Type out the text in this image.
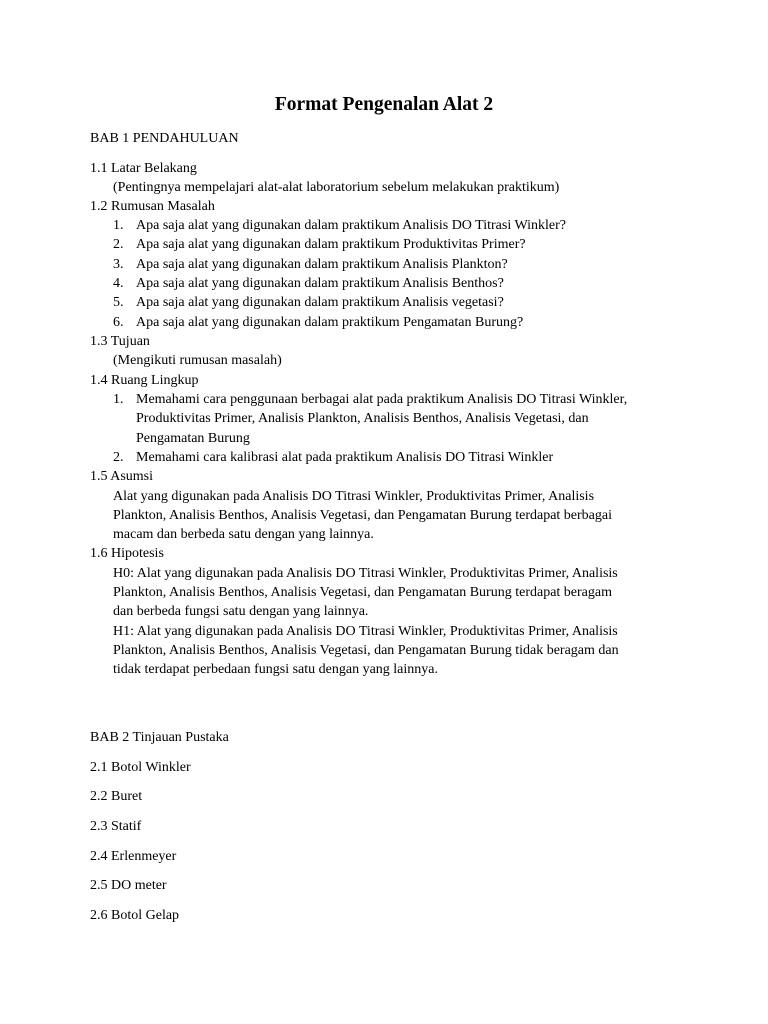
Format Pengenalan Alat 2
BAB 1 PENDAHULUAN
1.1 Latar Belakang
(Pentingnya mempelajari alat-alat laboratorium sebelum melakukan praktikum)
1.2 Rumusan Masalah
1. Apa saja alat yang digunakan dalam praktikum Analisis DO Titrasi Winkler?
2. Apa saja alat yang digunakan dalam praktikum Produktivitas Primer?
3. Apa saja alat yang digunakan dalam praktikum Analisis Plankton?
4. Apa saja alat yang digunakan dalam praktikum Analisis Benthos?
5. Apa saja alat yang digunakan dalam praktikum Analisis vegetasi?
6. Apa saja alat yang digunakan dalam praktikum Pengamatan Burung?
1.3 Tujuan
(Mengikuti rumusan masalah)
1.4 Ruang Lingkup
1. Memahami cara penggunaan berbagai alat pada praktikum Analisis DO Titrasi Winkler,
Produktivitas Primer, Analisis Plankton, Analisis Benthos, Analisis Vegetasi, dan
Pengamatan Burung
2. Memahami cara kalibrasi alat pada praktikum Analisis DO Titrasi Winkler
1.5 Asumsi
Alat yang digunakan pada Analisis DO Titrasi Winkler, Produktivitas Primer, Analisis
Plankton, Analisis Benthos, Analisis Vegetasi, dan Pengamatan Burung terdapat berbagai
macam dan berbeda satu dengan yang lainnya.
1.6 Hipotesis
H0: Alat yang digunakan pada Analisis DO Titrasi Winkler, Produktivitas Primer, Analisis
Plankton, Analisis Benthos, Analisis Vegetasi, dan Pengamatan Burung terdapat beragam
dan berbeda fungsi satu dengan yang lainnya.
H1: Alat yang digunakan pada Analisis DO Titrasi Winkler, Produktivitas Primer, Analisis
Plankton, Analisis Benthos, Analisis Vegetasi, dan Pengamatan Burung tidak beragam dan
tidak terdapat perbedaan fungsi satu dengan yang lainnya.
BAB 2 Tinjauan Pustaka
2.1 Botol Winkler
2.2 Buret
2.3 Statif
2.4 Erlenmeyer
2.5 DO meter
2.6 Botol Gelap
